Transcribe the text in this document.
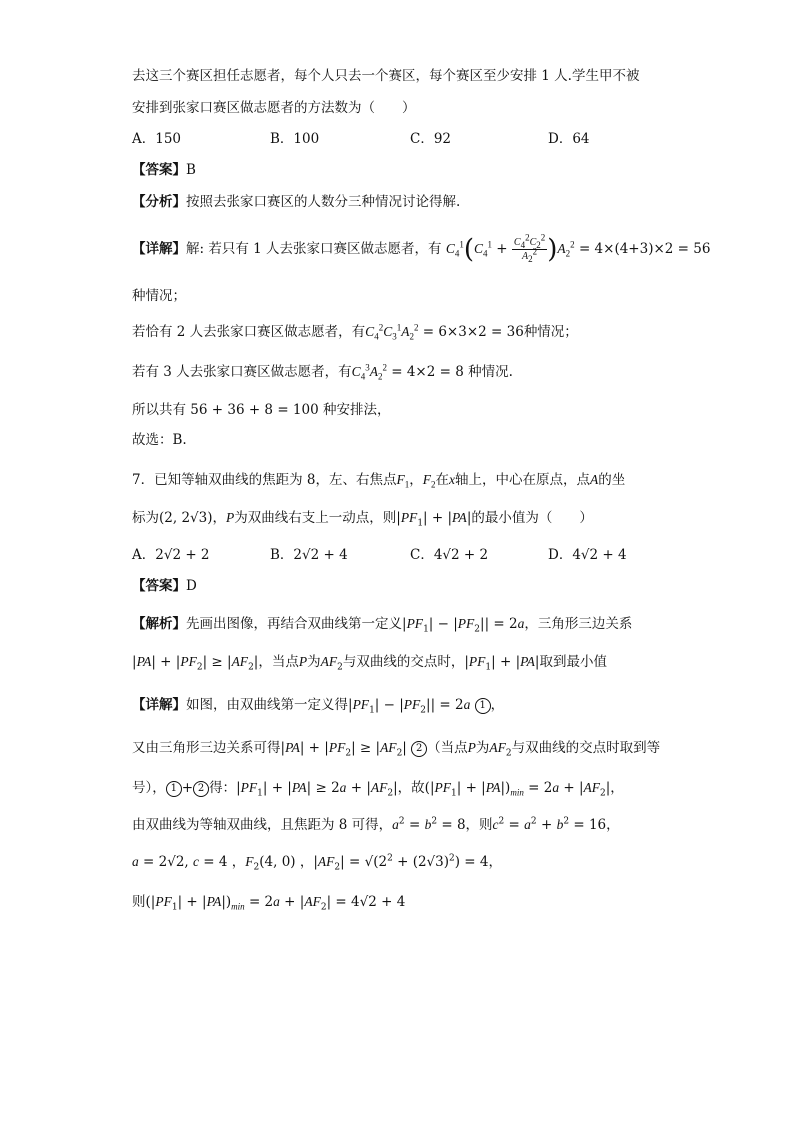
去这三个赛区担任志愿者，每个人只去一个赛区，每个赛区至少安排 1 人.学生甲不被
安排到张家口赛区做志愿者的方法数为（　　）
A．150	B．100	C．92	D．64
【答案】B
【分析】按照去张家口赛区的人数分三种情况讨论得解.
【详解】解: 若只有 1 人去张家口赛区做志愿者，有 $C_4^1(C_4^1 + \frac{C_4^2C_2^2}{A_2^2} )A_2^2 = 4\times(4+3)\times 2 = 56$
种情况；
若恰有 2 人去张家口赛区做志愿者，有$C_4^2C_3^1A_2^2 = 6\times 3\times 2 = 36$种情况；
若有 3 人去张家口赛区做志愿者，有$C_4^3A_2^2 = 4\times 2 = 8$ 种情况.
所以共有 56 + 36 + 8 = 100 种安排法，
故选：B.
7．已知等轴双曲线的焦距为 8，左、右焦点$F_1$，$F_2$在x轴上，中心在原点，点A的坐
标为(2, 2√3)，P为双曲线右支上一动点，则$|PF_1| + |PA|$的最小值为（　　）
A．2√2 + 2	B．2√2 + 4	C．4√2 + 2	D．4√2 + 4
【答案】D
【解析】先画出图像，再结合双曲线第一定义$|PF_1| - |PF_2|| = 2a$，三角形三边关系
$|PA| + |PF_2| \ge |AF_2|$，当点P为$AF_2$与双曲线的交点时，$|PF_1| + |PA|$取到最小值
【详解】如图，由双曲线第一定义得$|PF_1| - |PF_2|| = 2a$ 1 ，
又由三角形三边关系可得$|PA| + |PF_2| \ge |AF_2|$ 2 （当点P为$AF_2$与双曲线的交点时取到等
号）， 1 + 2 得：$|PF_1| + |PA| \ge 2a + |AF_2|$，故$(|PF_1| + |PA|)_{min} = 2a + |AF_2|$，
由双曲线为等轴双曲线，且焦距为 8 可得，$a^2 = b^2 = 8$，则$c^2 = a^2 + b^2 = 16$，
a = 2√2, c = 4 ，$F_2(4$, 0) ，$|AF_2| = √(2^2 + (2√3)^2) = 4$，
则$(|PF_1| + |PA|)_{min} = 2a + |AF_2| = 4√2 + 4$
